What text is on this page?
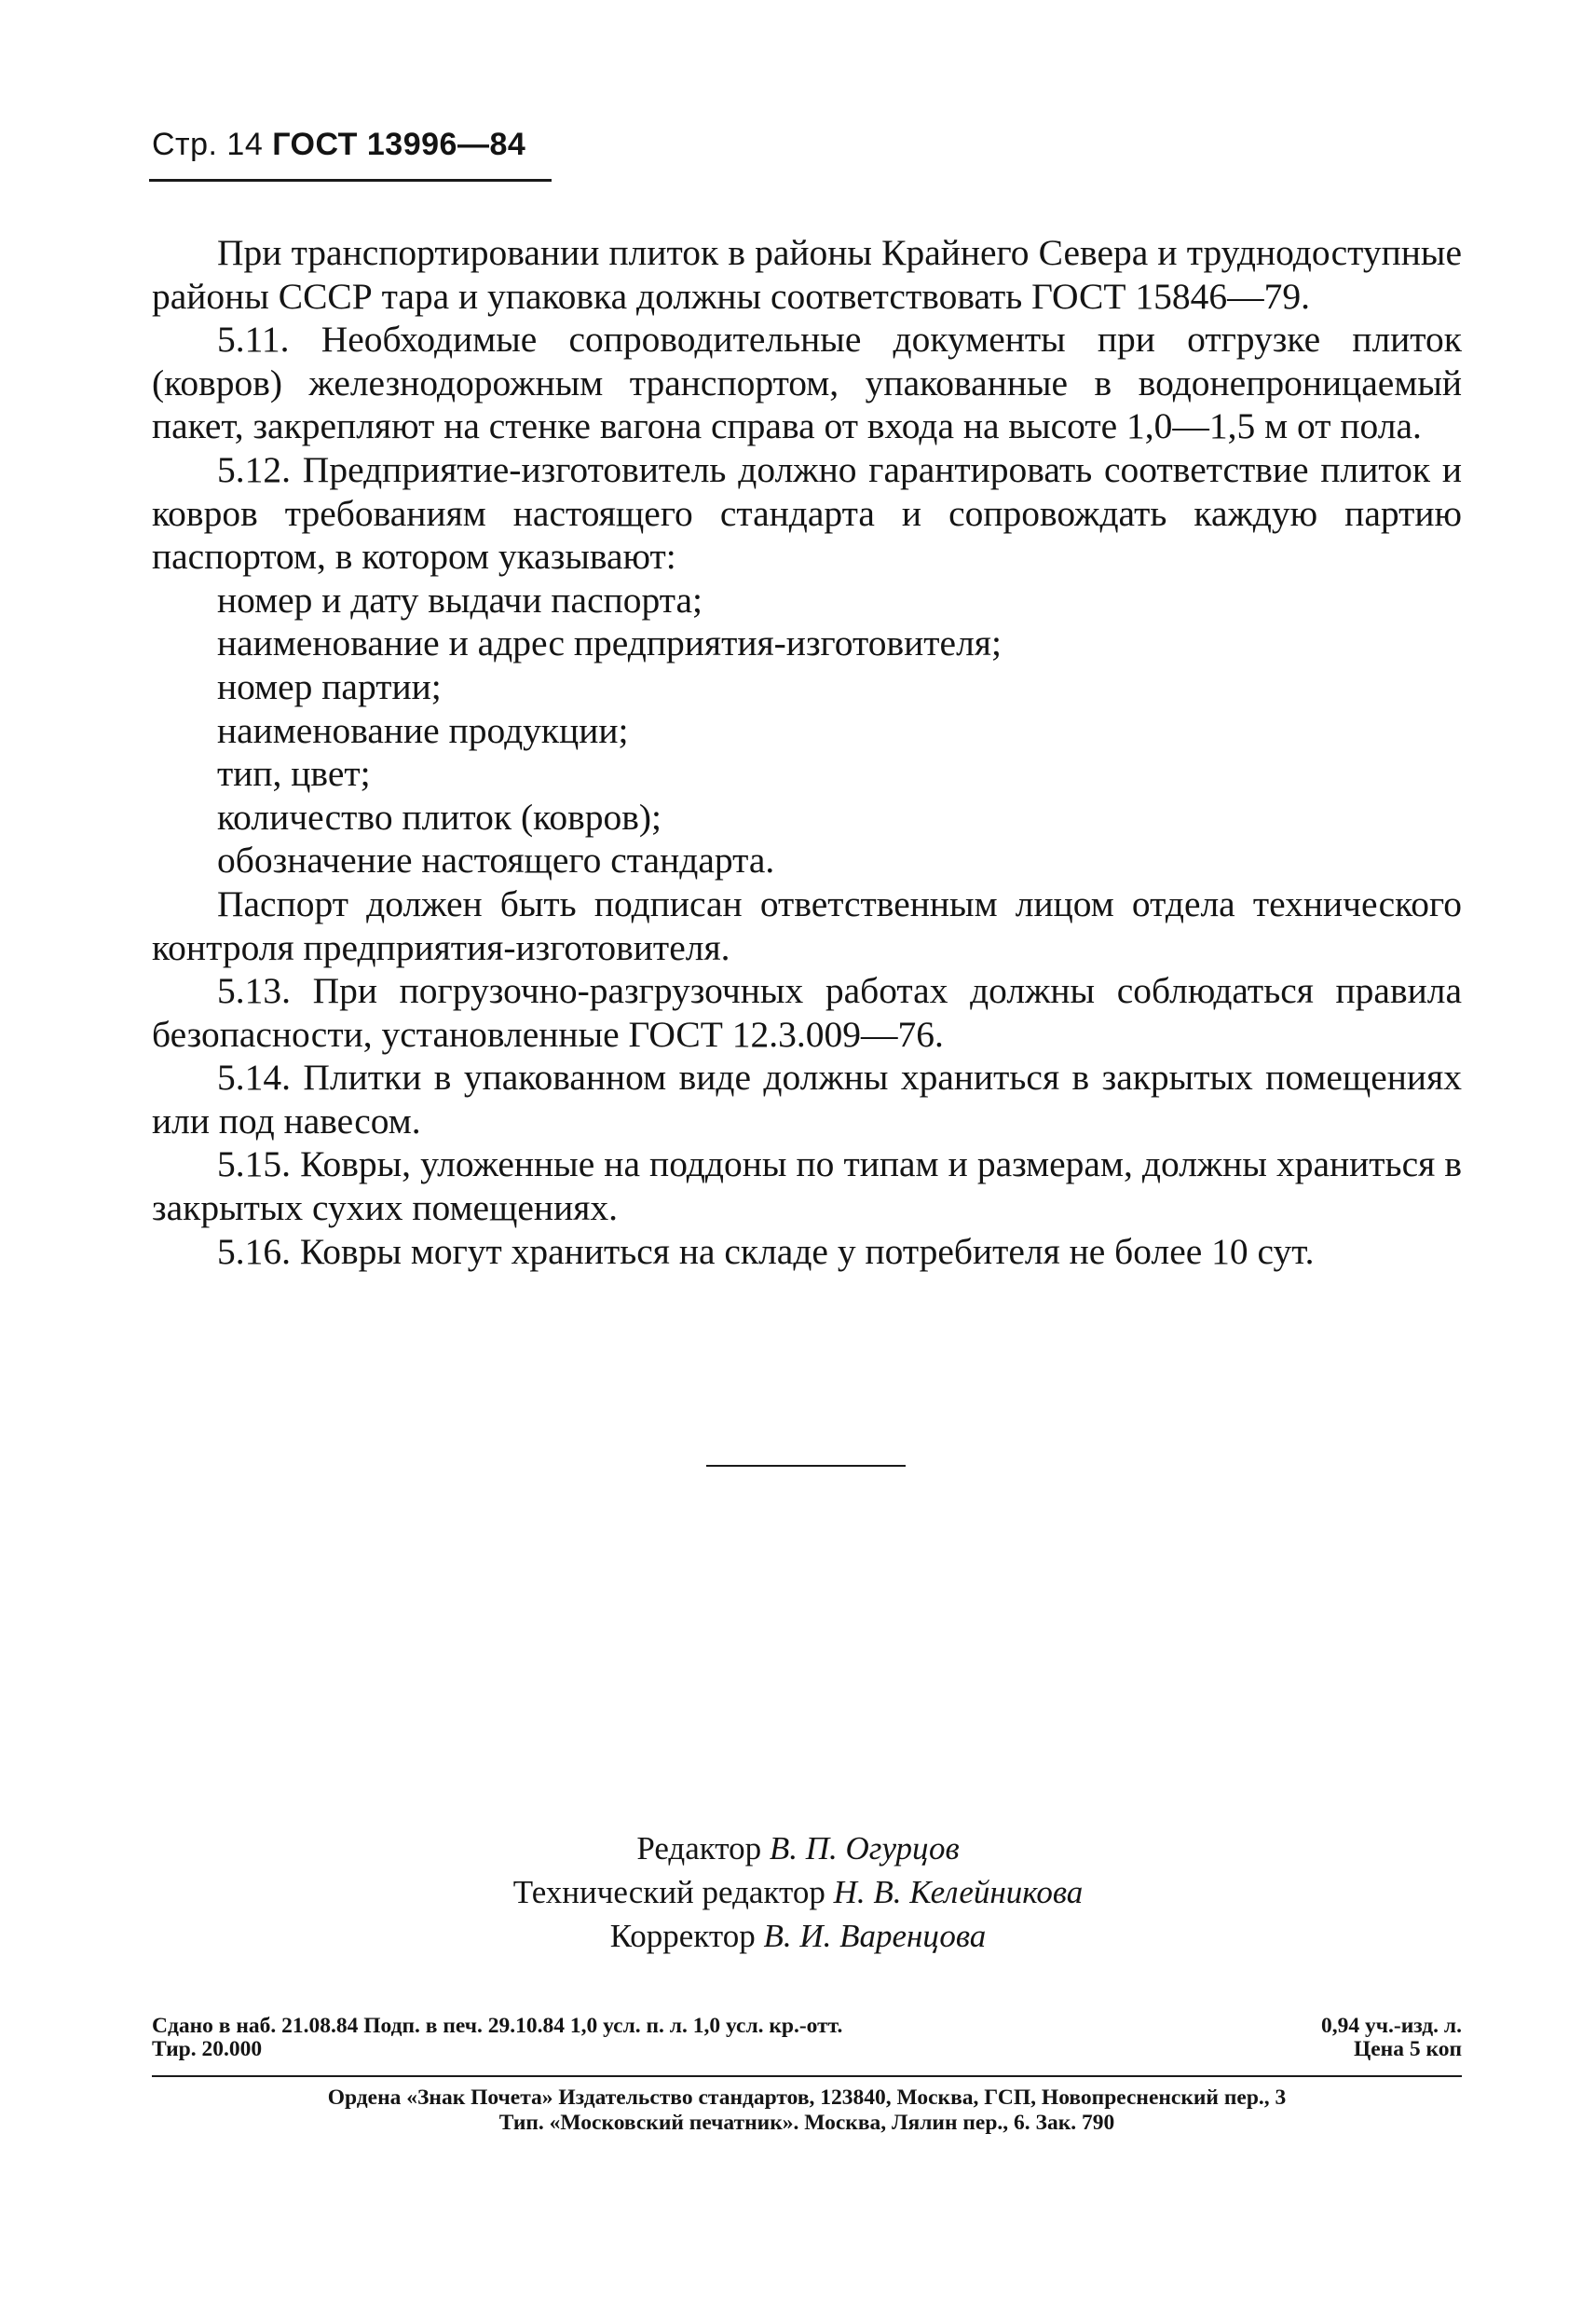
Стр. 14 ГОСТ 13996—84

При транспортировании плиток в районы Крайнего Севера и труднодоступные районы СССР тара и упаковка должны соответствовать ГОСТ 15846—79.

5.11. Необходимые сопроводительные документы при отгрузке плиток (ковров) железнодорожным транспортом, упакованные в водонепроницаемый пакет, закрепляют на стенке вагона справа от входа на высоте 1,0—1,5 м от пола.

5.12. Предприятие-изготовитель должно гарантировать соответствие плиток и ковров требованиям настоящего стандарта и сопровождать каждую партию паспортом, в котором указывают:

номер и дату выдачи паспорта;

наименование и адрес предприятия-изготовителя;

номер партии;

наименование продукции;

тип, цвет;

количество плиток (ковров);

обозначение настоящего стандарта.

Паспорт должен быть подписан ответственным лицом отдела технического контроля предприятия-изготовителя.

5.13. При погрузочно-разгрузочных работах должны соблюдаться правила безопасности, установленные ГОСТ 12.3.009—76.

5.14. Плитки в упакованном виде должны храниться в закрытых помещениях или под навесом.

5.15. Ковры, уложенные на поддоны по типам и размерам, должны храниться в закрытых сухих помещениях.

5.16. Ковры могут храниться на складе у потребителя не более 10 сут.

Редактор В. П. Огурцов
Технический редактор Н. В. Келейникова
Корректор В. И. Варенцова
Сдано в наб. 21.08.84 Подп. в печ. 29.10.84 1,0 усл. п. л. 1,0 усл. кр.-отт.	0,94 уч.-изд. л.
Тир. 20.000	Цена 5 коп
Ордена «Знак Почета» Издательство стандартов, 123840, Москва, ГСП, Новопресненский пер., 3
Тип. «Московский печатник». Москва, Лялин пер., 6. Зак. 790
